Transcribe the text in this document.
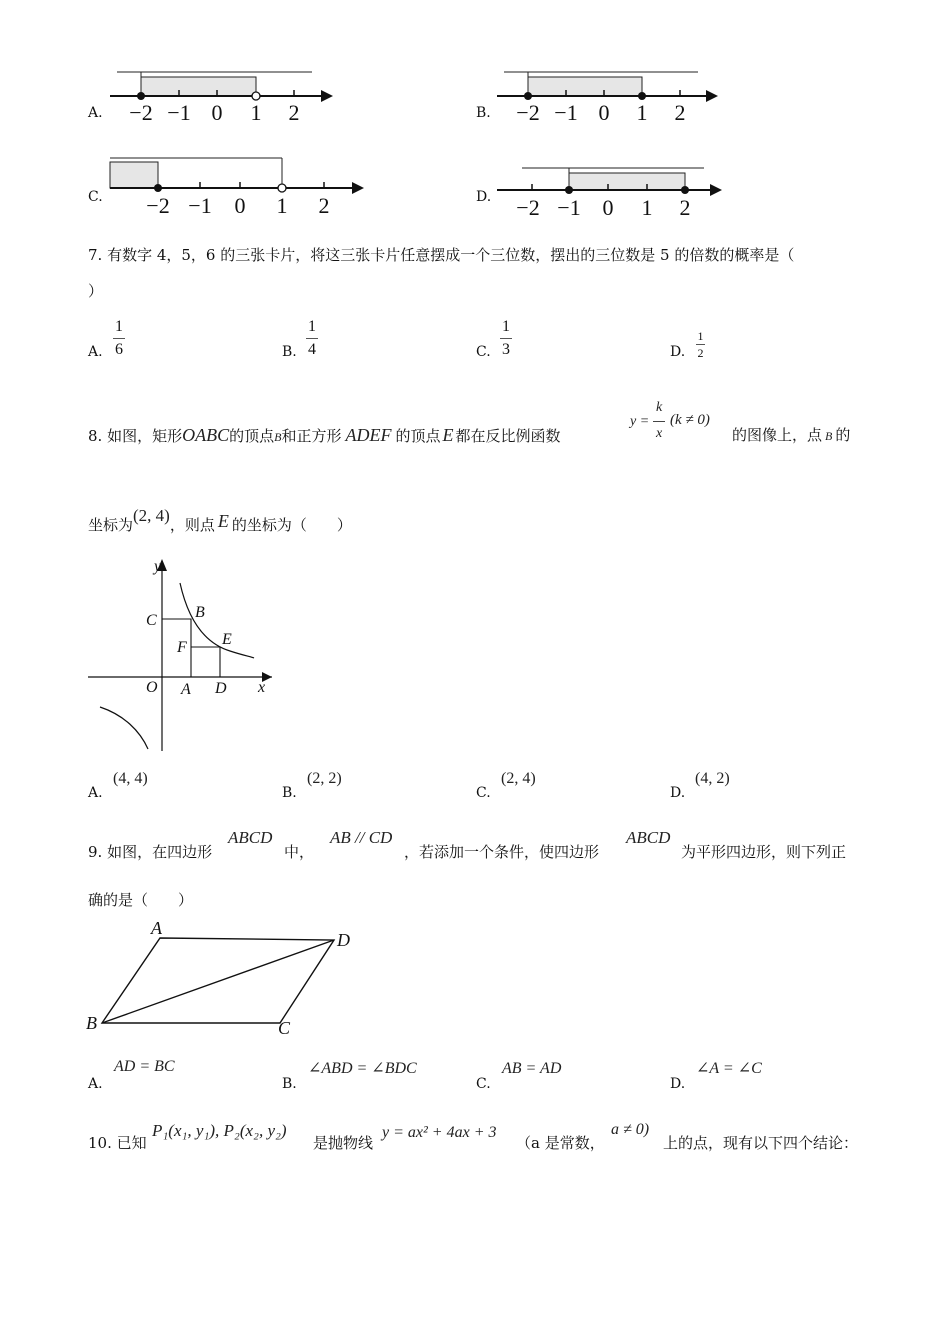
A. −2 −1 0 1 2	B. −2 −1 0 1 2
C. −2 −1 0 1 2	D. −2 −1 0 1 2
7. 有数字 4，5，6 的三张卡片，将这三张卡片任意摆成一个三位数，摆出的三位数是 5 的倍数的概率是（
）
A.
1
6	B.
1
4	C.
1
3	D.
1
2
8. 如图，矩形OABC的顶点B和正方形 ADEF 的顶点 E 都在反比例函数
y =
k
x
(k ≠ 0)
的图像上，点 B 的
坐标为(2, 4)，则点 E 的坐标为（　　）
y
x
O A D
C B
F E
A.
(4, 4)
B.
(2, 2)
C.
(2, 4)
D.
(4, 2)
9. 如图，在四边形
ABCD
中，
AB // CD
，若添加一个条件，使四边形
ABCD
为平形四边形，则下列正
确的是（　　）
A
B	C
D
A.
AD = BC
B.
∠ABD = ∠BDC
C.
AB = AD
D.
∠A = ∠C
10. 已知
P₁(x₁, y₁), P₂(x₂, y₂)
是抛物线
y = ax² + 4ax + 3
（a 是常数，
a ≠ 0)
上的点，现有以下四个结论：
